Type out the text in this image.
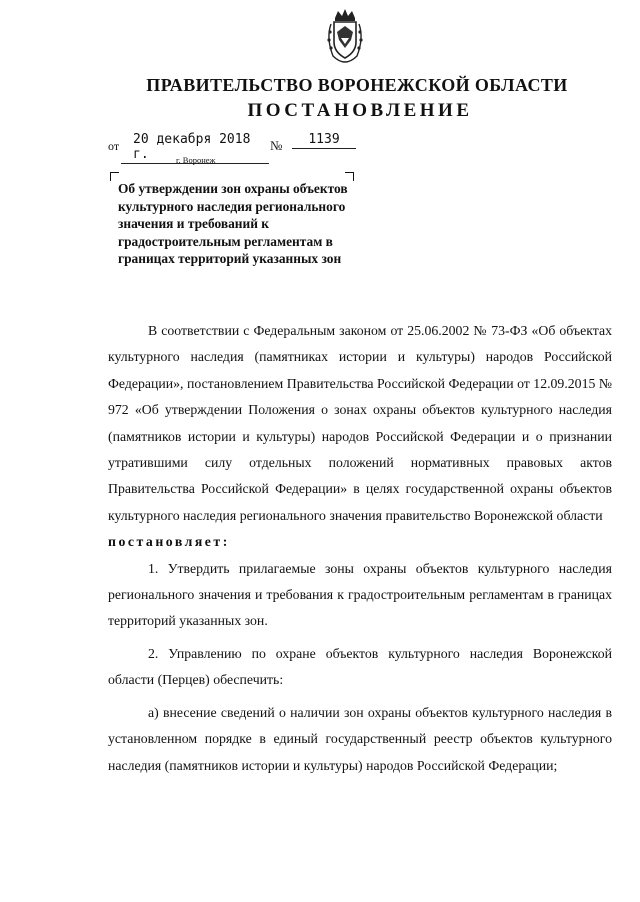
ПРАВИТЕЛЬСТВО ВОРОНЕЖСКОЙ ОБЛАСТИ
ПОСТАНОВЛЕНИЕ
от	20 декабря 2018 г.
№	1139
г. Воронеж
Об утверждении зон охраны объектов культурного наследия регионального значения и требований к градостроительным регламентам в границах территорий указанных зон

В соответствии с Федеральным законом от 25.06.2002 № 73-ФЗ «Об объектах культурного наследия (памятниках истории и культуры) народов Российской Федерации», постановлением Правительства Российской Федерации от 12.09.2015 № 972 «Об утверждении Положения о зонах охраны объектов культурного наследия (памятников истории и культуры) народов Российской Федерации и о признании утратившими силу отдельных положений нормативных правовых актов Правительства Российской Федерации» в целях государственной охраны объектов культурного наследия регионального значения правительство Воронежской области

постановляет:

1. Утвердить прилагаемые зоны охраны объектов культурного наследия регионального значения и требования к градостроительным регламентам в границах территорий указанных зон.

2. Управлению по охране объектов культурного наследия Воронежской области (Перцев) обеспечить:

а) внесение сведений о наличии зон охраны объектов культурного наследия в установленном порядке в единый государственный реестр объектов культурного наследия (памятников истории и культуры) народов Российской Федерации;
